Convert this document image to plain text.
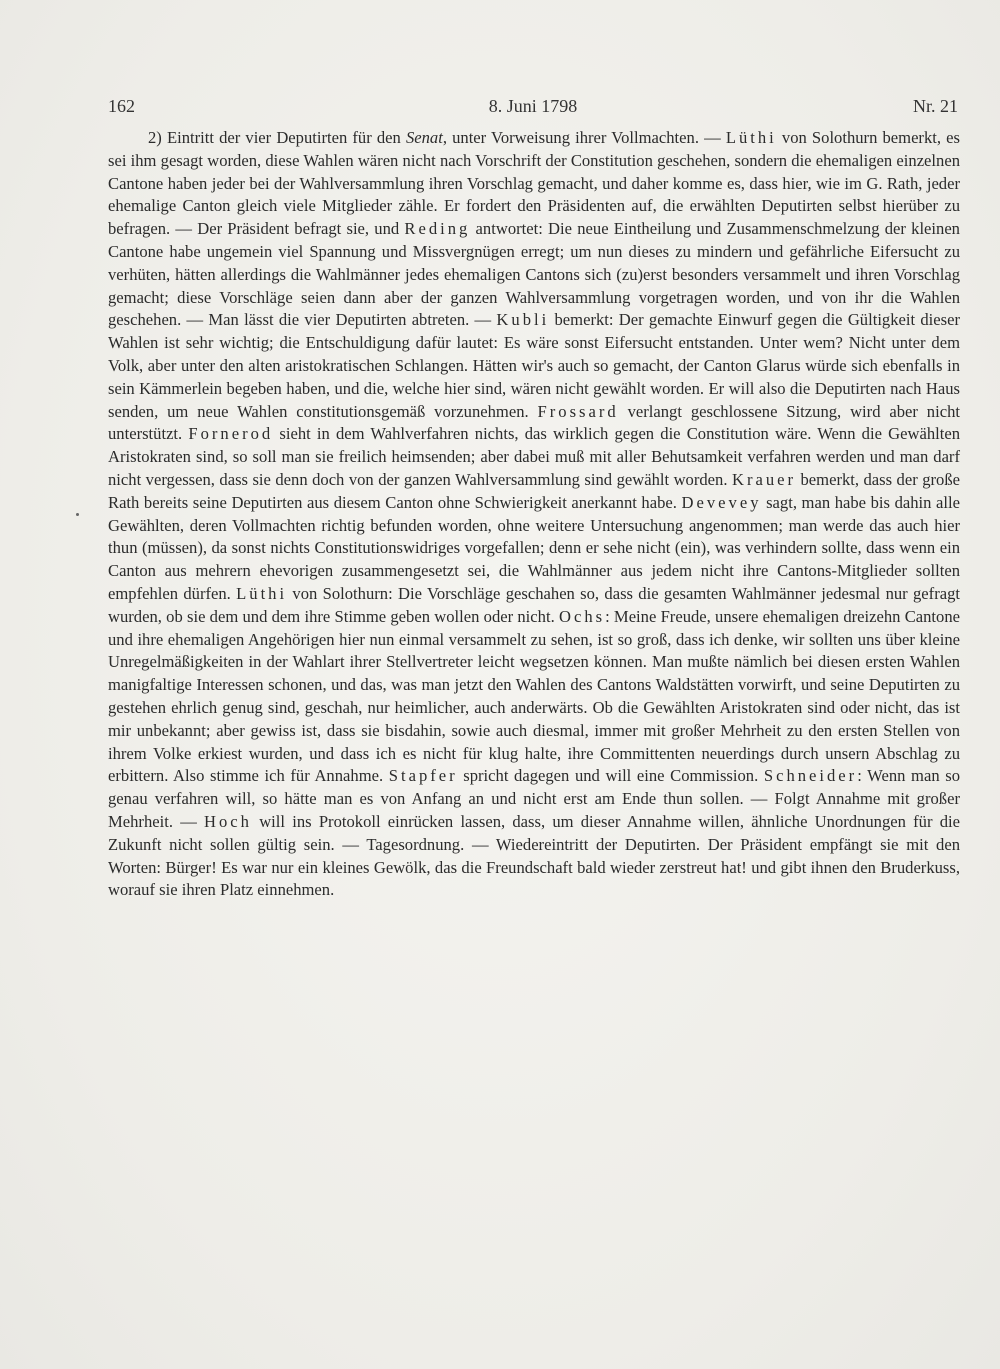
162	8. Juni 1798	Nr. 21

2) Eintritt der vier Deputirten für den Senat, unter Vorweisung ihrer Vollmachten. — Lüthi von Solothurn bemerkt, es sei ihm gesagt worden, diese Wahlen wären nicht nach Vorschrift der Constitution geschehen, sondern die ehemaligen einzelnen Cantone haben jeder bei der Wahlversammlung ihren Vorschlag gemacht, und daher komme es, dass hier, wie im G. Rath, jeder ehemalige Canton gleich viele Mitglieder zähle. Er fordert den Präsidenten auf, die erwählten Deputirten selbst hierüber zu befragen. — Der Präsident befragt sie, und Reding antwortet: Die neue Eintheilung und Zusammenschmelzung der kleinen Cantone habe ungemein viel Spannung und Missvergnügen erregt; um nun dieses zu mindern und gefährliche Eifersucht zu verhüten, hätten allerdings die Wahlmänner jedes ehemaligen Cantons sich (zu)erst besonders versammelt und ihren Vorschlag gemacht; diese Vorschläge seien dann aber der ganzen Wahlversammlung vorgetragen worden, und von ihr die Wahlen geschehen. — Man lässt die vier Deputirten abtreten. — Kubli bemerkt: Der gemachte Einwurf gegen die Gültigkeit dieser Wahlen ist sehr wichtig; die Entschuldigung dafür lautet: Es wäre sonst Eifersucht entstanden. Unter wem? Nicht unter dem Volk, aber unter den alten aristokratischen Schlangen. Hätten wir's auch so gemacht, der Canton Glarus würde sich ebenfalls in sein Kämmerlein begeben haben, und die, welche hier sind, wären nicht gewählt worden. Er will also die Deputirten nach Haus senden, um neue Wahlen constitutionsgemäß vorzunehmen. Frossard verlangt geschlossene Sitzung, wird aber nicht unterstützt. Fornerod sieht in dem Wahlverfahren nichts, das wirklich gegen die Constitution wäre. Wenn die Gewählten Aristokraten sind, so soll man sie freilich heimsenden; aber dabei muß mit aller Behutsamkeit verfahren werden und man darf nicht vergessen, dass sie denn doch von der ganzen Wahlversammlung sind gewählt worden. Krauer bemerkt, dass der große Rath bereits seine Deputirten aus diesem Canton ohne Schwierigkeit anerkannt habe. Devevey sagt, man habe bis dahin alle Gewählten, deren Vollmachten richtig befunden worden, ohne weitere Untersuchung angenommen; man werde das auch hier thun (müssen), da sonst nichts Constitutionswidriges vorgefallen; denn er sehe nicht (ein), was verhindern sollte, dass wenn ein Canton aus mehrern ehevorigen zusammengesetzt sei, die Wahlmänner aus jedem nicht ihre Cantons-Mitglieder sollten empfehlen dürfen. Lüthi von Solothurn: Die Vorschläge geschahen so, dass die gesamten Wahlmänner jedesmal nur gefragt wurden, ob sie dem und dem ihre Stimme geben wollen oder nicht. Ochs: Meine Freude, unsere ehemaligen dreizehn Cantone und ihre ehemaligen Angehörigen hier nun einmal versammelt zu sehen, ist so groß, dass ich denke, wir sollten uns über kleine Unregelmäßigkeiten in der Wahlart ihrer Stellvertreter leicht wegsetzen können. Man mußte nämlich bei diesen ersten Wahlen manigfaltige Interessen schonen, und das, was man jetzt den Wahlen des Cantons Waldstätten vorwirft, und seine Deputirten zu gestehen ehrlich genug sind, geschah, nur heimlicher, auch anderwärts. Ob die Gewählten Aristokraten sind oder nicht, das ist mir unbekannt; aber gewiss ist, dass sie bisdahin, sowie auch diesmal, immer mit großer Mehrheit zu den ersten Stellen von ihrem Volke erkiest wurden, und dass ich es nicht für klug halte, ihre Committenten neuerdings durch unsern Abschlag zu erbittern. Also stimme ich für Annahme. Stapfer spricht dagegen und will eine Commission. Schneider: Wenn man so genau verfahren will, so hätte man es von Anfang an und nicht erst am Ende thun sollen. — Folgt Annahme mit großer Mehrheit. — Hoch will ins Protokoll einrücken lassen, dass, um dieser Annahme willen, ähnliche Unordnungen für die Zukunft nicht sollen gültig sein. — Tagesordnung. — Wiedereintritt der Deputirten. Der Präsident empfängt sie mit den Worten: Bürger! Es war nur ein kleines Gewölk, das die Freundschaft bald wieder zerstreut hat! und gibt ihnen den Bruderkuss, worauf sie ihren Platz einnehmen.
